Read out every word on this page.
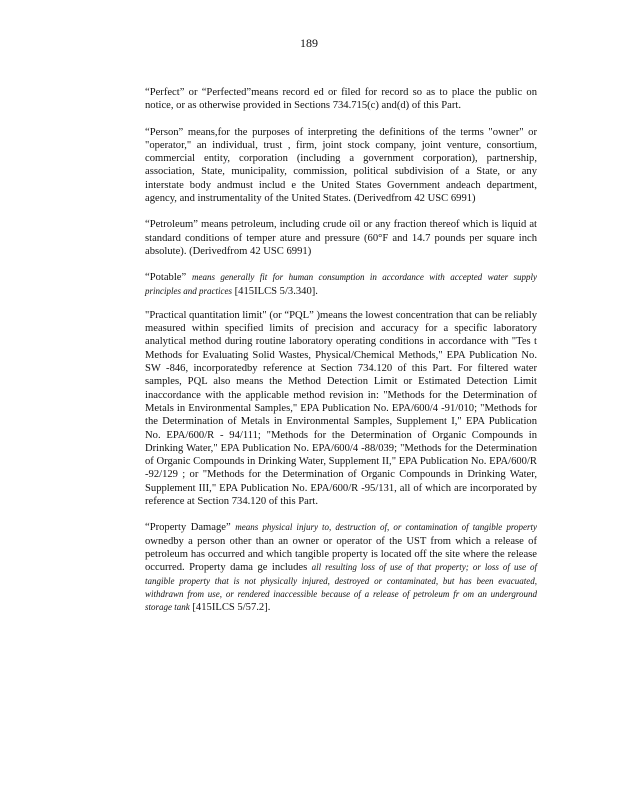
189

“Perfect” or “Perfected”means record ed or filed for record so as to place the public on notice, or as otherwise provided in Sections 734.715(c) and(d) of this Part.

“Person” means,for the purposes of interpreting the definitions of the terms "owner" or "operator," an individual, trust , firm, joint stock company, joint venture, consortium, commercial entity, corporation (including a government corporation), partnership, association, State, municipality, commission, political subdivision of a State, or any interstate body andmust includ e the United States Government andeach department, agency, and instrumentality of the United States. (Derivedfrom 42 USC 6991)

“Petroleum” means petroleum, including crude oil or any fraction thereof which is liquid at standard conditions of temper ature and pressure (60°F and 14.7 pounds per square inch absolute). (Derivedfrom 42 USC 6991)

“Potable” means generally fit for human consumption in accordance with accepted water supply principles and practices [415ILCS 5/3.340].

"Practical quantitation limit" (or “PQL” )means the lowest concentration that can be reliably measured within specified limits of precision and accuracy for a specific laboratory analytical method during routine laboratory operating conditions in accordance with "Tes t Methods for Evaluating Solid Wastes, Physical/Chemical Methods," EPA Publication No. SW -846, incorporatedby reference at Section 734.120 of this Part. For filtered water samples, PQL also means the Method Detection Limit or Estimated Detection Limit inaccordance with the applicable method revision in: "Methods for the Determination of Metals in Environmental Samples," EPA Publication No. EPA/600/4 -91/010; "Methods for the Determination of Metals in Environmental Samples, Supplement I," EPA Publication No. EPA/600/R - 94/111; "Methods for the Determination of Organic Compounds in Drinking Water," EPA Publication No. EPA/600/4 -88/039; "Methods for the Determination of Organic Compounds in Drinking Water, Supplement II," EPA Publication No. EPA/600/R -92/129 ; or "Methods for the Determination of Organic Compounds in Drinking Water, Supplement III," EPA Publication No. EPA/600/R -95/131, all of which are incorporated by reference at Section 734.120 of this Part.

“Property Damage” means physical injury to, destruction of, or contamination of tangible property ownedby a person other than an owner or operator of the UST from which a release of petroleum has occurred and which tangible property is located off the site where the release occurred. Property dama ge includes all resulting loss of use of that property; or loss of use of tangible property that is not physically injured, destroyed or contaminated, but has been evacuated, withdrawn from use, or rendered inaccessible because of a release of petroleum fr om an underground storage tank [415ILCS 5/57.2].
